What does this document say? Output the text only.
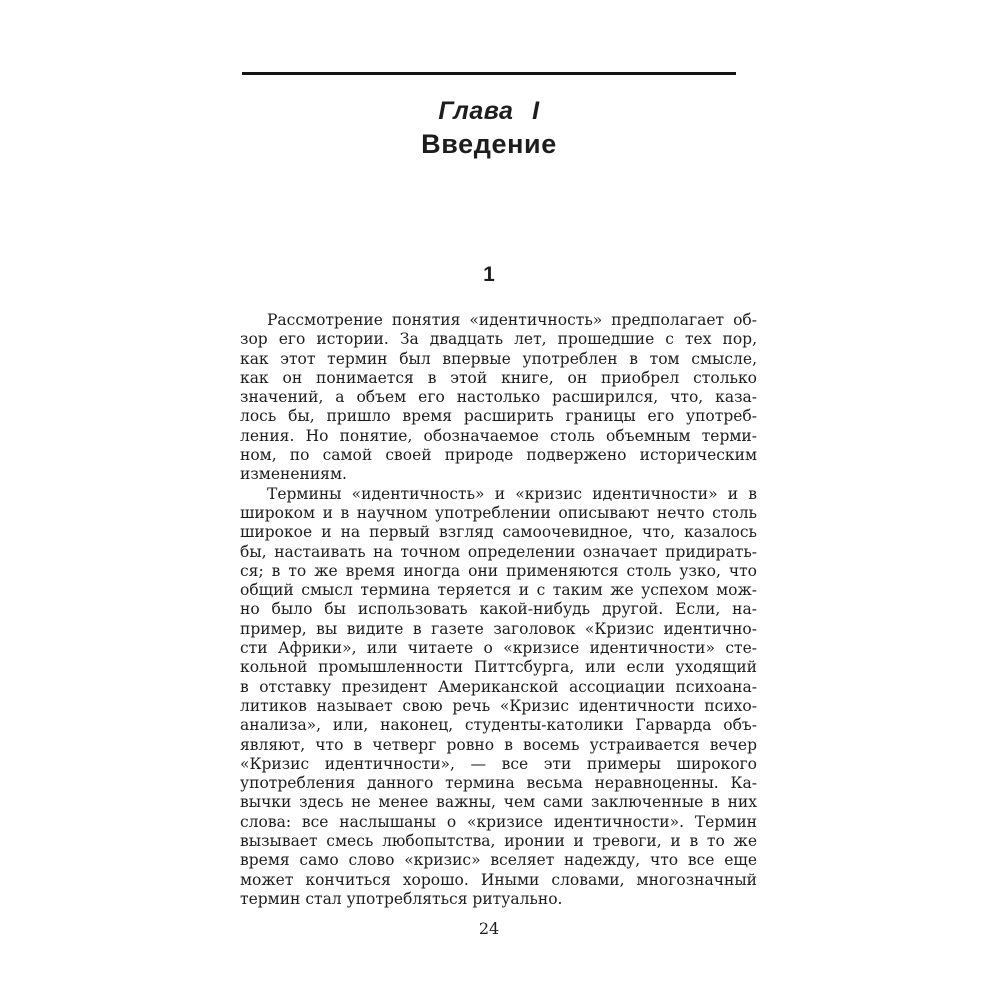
Глава I
Введение
1
Рассмотрение понятия «идентичность» предполагает об-
зор его истории. За двадцать лет, прошедшие с тех пор,
как этот термин был впервые употреблен в том смысле,
как он понимается в этой книге, он приобрел столько
значений, а объем его настолько расширился, что, каза-
лось бы, пришло время расширить границы его употреб-
ления. Но понятие, обозначаемое столь объемным терми-
ном, по самой своей природе подвержено историческим
изменениям.
Термины «идентичность» и «кризис идентичности» и в
широком и в научном употреблении описывают нечто столь
широкое и на первый взгляд самоочевидное, что, казалось
бы, настаивать на точном определении означает придирать-
ся; в то же время иногда они применяются столь узко, что
общий смысл термина теряется и с таким же успехом мож-
но было бы использовать какой-нибудь другой. Если, на-
пример, вы видите в газете заголовок «Кризис идентично-
сти Африки», или читаете о «кризисе идентичности» сте-
кольной промышленности Питтсбурга, или если уходящий
в отставку президент Американской ассоциации психоана-
литиков называет свою речь «Кризис идентичности психо-
анализа», или, наконец, студенты-католики Гарварда объ-
являют, что в четверг ровно в восемь устраивается вечер
«Кризис идентичности», — все эти примеры широкого
употребления данного термина весьма неравноценны. Ка-
вычки здесь не менее важны, чем сами заключенные в них
слова: все наслышаны о «кризисе идентичности». Термин
вызывает смесь любопытства, иронии и тревоги, и в то же
время само слово «кризис» вселяет надежду, что все еще
может кончиться хорошо. Иными словами, многозначный
термин стал употребляться ритуально.
24
